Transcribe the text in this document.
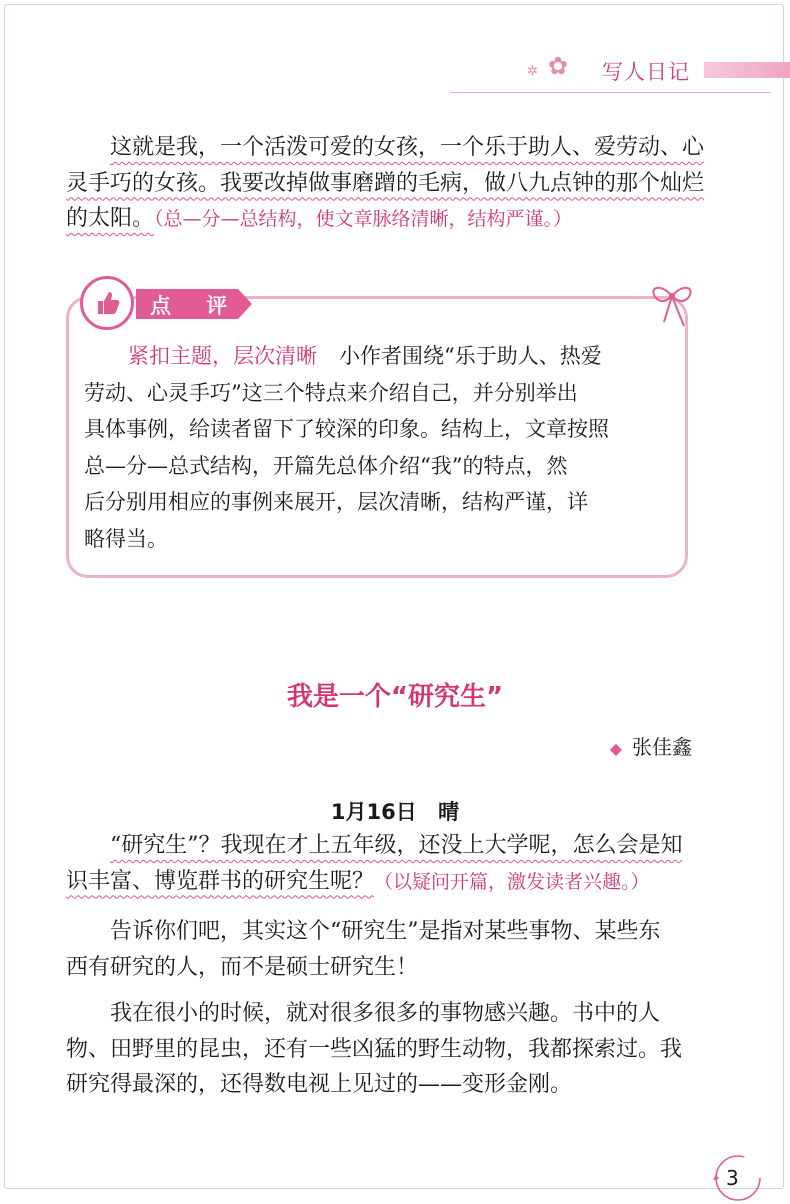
✲ ✿ 写人日记
这就是我，一个活泼可爱的女孩，一个乐于助人、爱劳动、心
灵手巧的女孩。我要改掉做事磨蹭的毛病，做八九点钟的那个灿烂
的太阳。（总—分—总结构，使文章脉络清晰，结构严谨。）
点 评
紧扣主题，层次清晰 小作者围绕“乐于助人、热爱
劳动、心灵手巧”这三个特点来介绍自己，并分别举出
具体事例，给读者留下了较深的印象。结构上，文章按照
总—分—总式结构，开篇先总体介绍“我”的特点，然
后分别用相应的事例来展开，层次清晰，结构严谨，详
略得当。
我是一个“研究生”
◆ 张佳鑫
1月16日 晴
“研究生”？我现在才上五年级，还没上大学呢，怎么会是知
识丰富、博览群书的研究生呢？（以疑问开篇，激发读者兴趣。）
告诉你们吧，其实这个“研究生”是指对某些事物、某些东
西有研究的人，而不是硕士研究生！
我在很小的时候，就对很多很多的事物感兴趣。书中的人
物、田野里的昆虫，还有一些凶猛的野生动物，我都探索过。我
研究得最深的，还得数电视上见过的——变形金刚。
3
